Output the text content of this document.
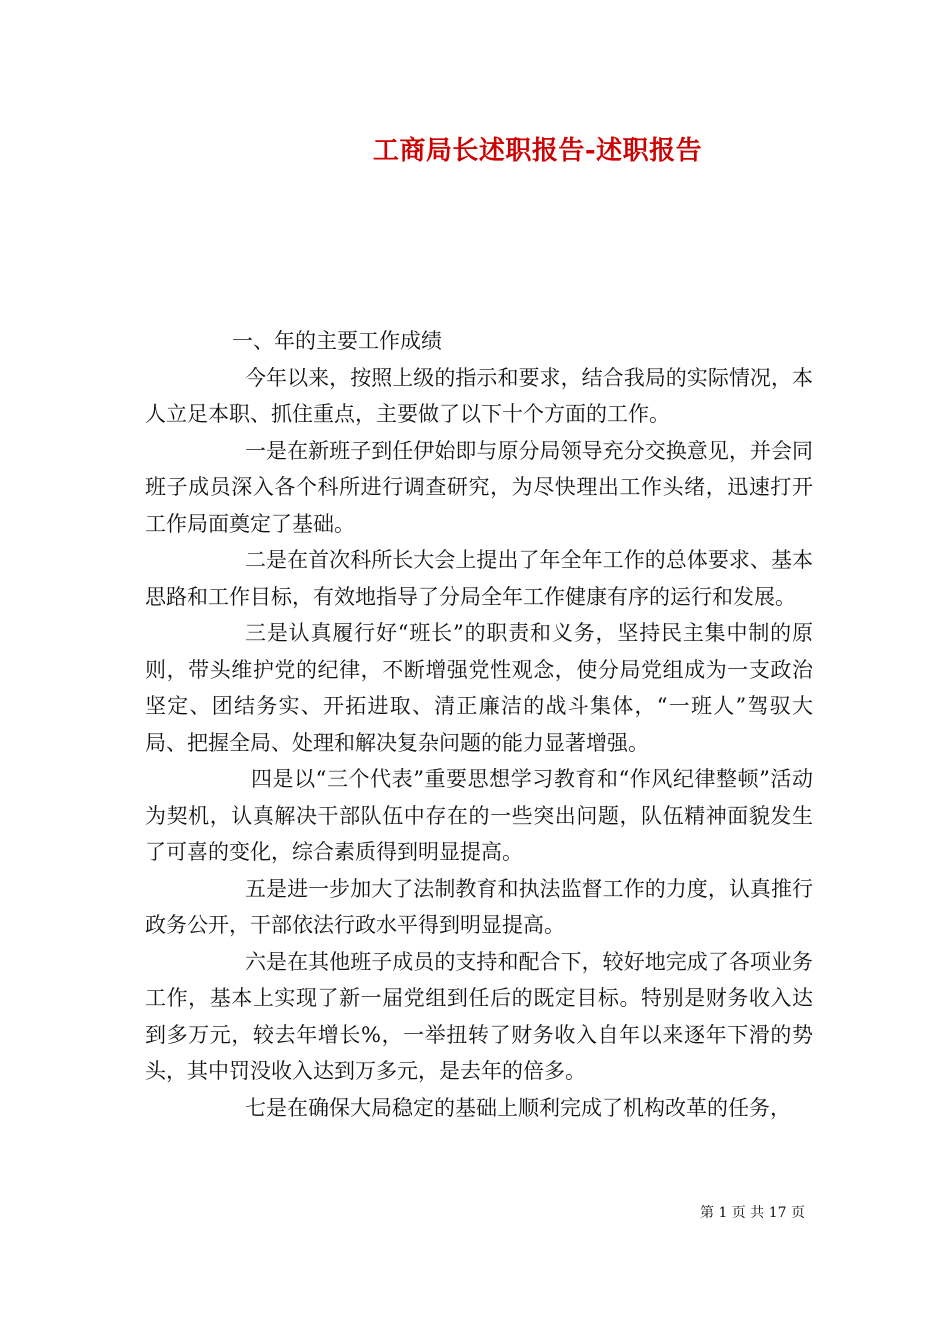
工商局长述职报告-述职报告

一、年的主要工作成绩

今年以来，按照上级的指示和要求，结合我局的实际情况，本人立足本职、抓住重点，主要做了以下十个方面的工作。

一是在新班子到任伊始即与原分局领导充分交换意见，并会同班子成员深入各个科所进行调查研究，为尽快理出工作头绪，迅速打开工作局面奠定了基础。

二是在首次科所长大会上提出了年全年工作的总体要求、基本思路和工作目标，有效地指导了分局全年工作健康有序的运行和发展。

三是认真履行好“班长”的职责和义务，坚持民主集中制的原则，带头维护党的纪律，不断增强党性观念，使分局党组成为一支政治坚定、团结务实、开拓进取、清正廉洁的战斗集体，“一班人”驾驭大局、把握全局、处理和解决复杂问题的能力显著增强。

四是以“三个代表”重要思想学习教育和“作风纪律整顿”活动为契机，认真解决干部队伍中存在的一些突出问题，队伍精神面貌发生了可喜的变化，综合素质得到明显提高。

五是进一步加大了法制教育和执法监督工作的力度，认真推行政务公开，干部依法行政水平得到明显提高。

六是在其他班子成员的支持和配合下，较好地完成了各项业务工作，基本上实现了新一届党组到任后的既定目标。特别是财务收入达到多万元，较去年增长%，一举扭转了财务收入自年以来逐年下滑的势头，其中罚没收入达到万多元，是去年的倍多。

七是在确保大局稳定的基础上顺利完成了机构改革的任务，

第 1 页 共 17 页
